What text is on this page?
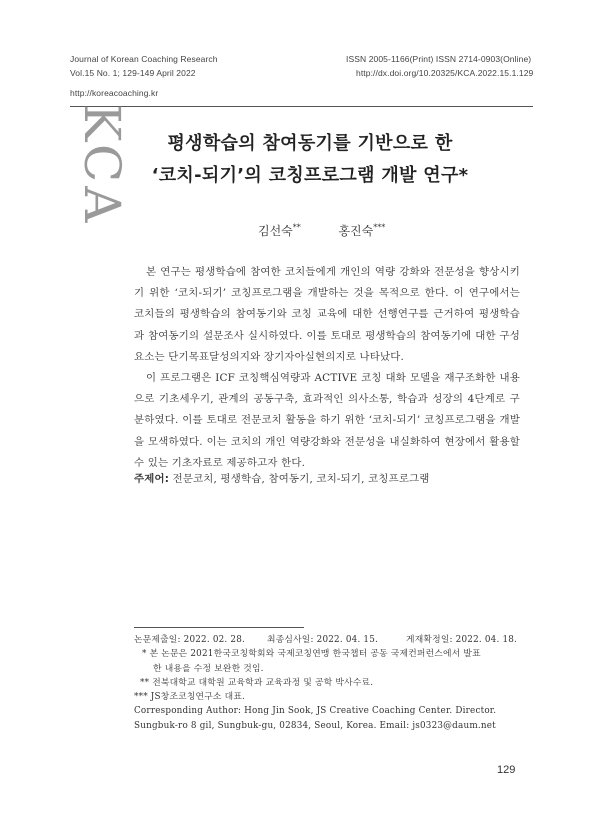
Journal of Korean Coaching Research
Vol.15 No. 1; 129-149 April 2022
ISSN 2005-1166(Print) ISSN 2714-0903(Online)
http://dx.doi.org/10.20325/KCA.2022.15.1.129
http://koreacoaching.kr
KCA	평생학습의 참여동기를 기반으로 한
‘코치-되기’의 코칭프로그램 개발 연구*
김선숙**	홍진숙***

본 연구는 평생학습에 참여한 코치들에게 개인의 역량 강화와 전문성을 향상시키기 위한 ‘코치-되기’ 코칭프로그램을 개발하는 것을 목적으로 한다. 이 연구에서는 코치들의 평생학습의 참여동기와 코칭 교육에 대한 선행연구를 근거하여 평생학습과 참여동기의 설문조사 실시하였다. 이를 토대로 평생학습의 참여동기에 대한 구성요소는 단기목표달성의지와 장기자아실현의지로 나타났다.

이 프로그램은 ICF 코칭핵심역량과 ACTIVE 코칭 대화 모델을 재구조화한 내용으로 기초세우기, 관계의 공동구축, 효과적인 의사소통, 학습과 성장의 4단계로 구분하였다. 이를 토대로 전문코치 활동을 하기 위한 ‘코치-되기’ 코칭프로그램을 개발을 모색하였다. 이는 코치의 개인 역량강화와 전문성을 내실화하여 현장에서 활용할 수 있는 기초자료로 제공하고자 한다.

주제어: 전문코치, 평생학습, 참여동기, 코치-되기, 코칭프로그램
논문제출일: 2022. 02. 28.	최종심사일: 2022. 04. 15.	게재확정일: 2022. 04. 18.
* 본 논문은 2021한국코칭학회와 국제코칭연맹 한국챕터 공동 국제컨퍼런스에서 발표
한 내용을 수정 보완한 것임.
** 전북대학교 대학원 교육학과 교육과정 및 공학 박사수료.
*** JS창조코칭연구소 대표.
Corresponding Author: Hong Jin Sook, JS Creative Coaching Center. Director.
Sungbuk-ro 8 gil, Sungbuk-gu, 02834, Seoul, Korea. Email: js0323@daum.net
129
